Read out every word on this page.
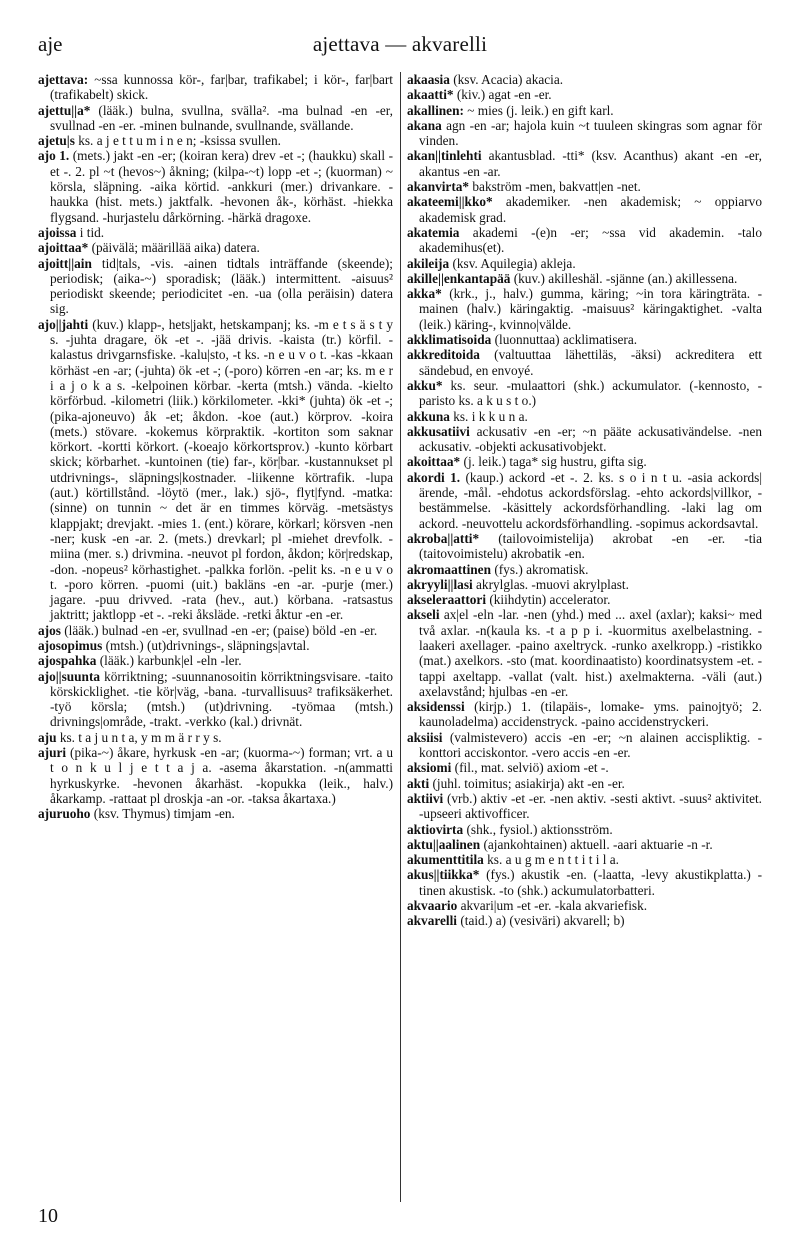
aje	ajettava — akvarelli

ajettava: ~ssa kunnossa kör-, far|bar, trafikabel; i kör-, far|bart (trafikabelt) skick.

ajettu||a* (lääk.) bulna, svullna, svälla². -ma bulnad -en -er, svullnad -en -er. -minen bulnande, svullnande, svällande.

ajetu|s ks. a j e t t u m i n e n; -ksissa svullen.

ajo 1. (mets.) jakt -en -er; (koiran kera) drev -et -; (haukku) skall -et -. 2. pl ~t (hevos~) åkning; (kilpa-~t) lopp -et -; (kuorman) ~ körsla, släpning. -aika körtid. -ankkuri (mer.) drivankare. -haukka (hist. mets.) jaktfalk. -hevonen åk-, körhäst. -hiekka flygsand. -hurjastelu dårkörning. -härkä dragoxe.

ajoissa i tid.

ajoittaa* (päivälä; määrillää aika) datera.

ajoitt||ain tid|tals, -vis. -ainen tidtals inträffande (skeende); periodisk; (aika-~) sporadisk; (lääk.) intermittent. -aisuus² periodiskt skeende; periodicitet -en. -ua (olla peräisin) datera sig.

ajo||jahti (kuv.) klapp-, hets|jakt, hetskampanj; ks. -m e t s ä s t y s. -juhta dragare, ök -et -. -jää drivis. -kaista (tr.) körfil. -kalastus drivgarnsfiske. -kalu|sto, -t ks. -n e u v o t. -kas -kkaan körhäst -en -ar; (-juhta) ök -et -; (-poro) körren -en -ar; ks. m e r i a j o k a s. -kelpoinen körbar. -kerta (mtsh.) vända. -kielto körförbud. -kilometri (liik.) körkilometer. -kki* (juhta) ök -et -; (pika-ajoneuvo) åk -et; åkdon. -koe (aut.) körprov. -koira (mets.) stövare. -kokemus körpraktik. -kortiton som saknar körkort. -kortti körkort. (-koeajo körkortsprov.) -kunto körbart skick; körbarhet. -kuntoinen (tie) far-, kör|bar. -kustannukset pl utdrivnings-, släpnings|kostnader. -liikenne körtrafik. -lupa (aut.) körtillstånd. -löytö (mer., lak.) sjö-, flyt|fynd. -matka: (sinne) on tunnin ~ det är en timmes körväg. -metsästys klappjakt; drevjakt. -mies 1. (ent.) körare, körkarl; körsven -nen -ner; kusk -en -ar. 2. (mets.) drevkarl; pl -miehet drevfolk. -miina (mer. s.) drivmina. -neuvot pl fordon, åkdon; kör|redskap, -don. -nopeus² körhastighet. -palkka forlön. -pelit ks. -n e u v o t. -poro körren. -puomi (uit.) bakläns -en -ar. -purje (mer.) jagare. -puu drivved. -rata (hev., aut.) körbana. -ratsastus jaktritt; jaktlopp -et -. -reki åksläde. -retki åktur -en -er.

ajos (lääk.) bulnad -en -er, svullnad -en -er; (paise) böld -en -er.

ajosopimus (mtsh.) (ut)drivnings-, släpnings|avtal.

ajospahka (lääk.) karbunk|el -eln -ler.

ajo||suunta körriktning; -suunnanosoitin körriktningsvisare. -taito körskicklighet. -tie kör|väg, -bana. -turvallisuus² trafiksäkerhet. -työ körsla; (mtsh.) (ut)drivning. -työmaa (mtsh.) drivnings|område, -trakt. -verkko (kal.) drivnät.

aju ks. t a j u n t a, y m m ä r r y s.

ajuri (pika-~) åkare, hyrkusk -en -ar; (kuorma-~) forman; vrt. a u t o n k u l j e t t a j a. -asema åkarstation. -n(ammatti hyrkuskyrke. -hevonen åkarhäst. -kopukka (leik., halv.) åkarkamp. -rattaat pl droskja -an -or. -taksa åkartaxa.)

ajuruoho (ksv. Thymus) timjam -en.

akaasia (ksv. Acacia) akacia.

akaatti* (kiv.) agat -en -er.

akallinen: ~ mies (j. leik.) en gift karl.

akana agn -en -ar; hajola kuin ~t tuuleen skingras som agnar för vinden.

akan||tinlehti akantusblad. -tti* (ksv. Acanthus) akant -en -er, akantus -en -ar.

akanvirta* bakström -men, bakvatt|en -net.

akateemi||kko* akademiker. -nen akademisk; ~ oppiarvo akademisk grad.

akatemia akademi -(e)n -er; ~ssa vid akademin. -talo akademihus(et).

akileija (ksv. Aquilegia) akleja.

akille||enkantapää (kuv.) akilleshäl. -sjänne (an.) akillessena.

akka* (krk., j., halv.) gumma, käring; ~in tora käringträta. -mainen (halv.) käringaktig. -maisuus² käringaktighet. -valta (leik.) käring-, kvinno|välde.

akklimatisoida (luonnuttaa) acklimatisera.

akkreditoida (valtuuttaa lähettiläs, -äksi) ackreditera ett sändebud, en envoyé.

akku* ks. seur. -mulaattori (shk.) ackumulator. (-kennosto, -paristo ks. a k u s t o.)

akkuna ks. i k k u n a.

akkusatiivi ackusativ -en -er; ~n pääte ackusativändelse. -nen ackusativ. -objekti ackusativobjekt.

akoittaa* (j. leik.) taga* sig hustru, gifta sig.

akordi 1. (kaup.) ackord -et -. 2. ks. s o i n t u. -asia ackords|ärende, -mål. -ehdotus ackordsförslag. -ehto ackords|villkor, -bestämmelse. -käsittely ackordsförhandling. -laki lag om ackord. -neuvottelu ackordsförhandling. -sopimus ackordsavtal.

akroba||atti* (tailovoimistelija) akrobat -en -er. -tia (taitovoimistelu) akrobatik -en.

akromaattinen (fys.) akromatisk.

akryyli||lasi akrylglas. -muovi akrylplast.

akseleraattori (kiihdytin) accelerator.

akseli ax|el -eln -lar. -nen (yhd.) med ... axel (axlar); kaksi~ med två axlar. -n(kaula ks. -t a p p i. -kuormitus axelbelastning. -laakeri axellager. -paino axeltryck. -runko axelkropp.) -ristikko (mat.) axelkors. -sto (mat. koordinaatisto) koordinatsystem -et. -tappi axeltapp. -vallat (valt. hist.) axelmakterna. -väli (aut.) axelavstånd; hjulbas -en -er.

aksidenssi (kirjp.) 1. (tilapäis-, lomake- yms. painojtyö; 2. kaunoladelma) accidenstryck. -paino accidenstryckeri.

aksiisi (valmistevero) accis -en -er; ~n alainen accispliktig. -konttori acciskontor. -vero accis -en -er.

aksiomi (fil., mat. selviö) axiom -et -.

akti (juhl. toimitus; asiakirja) akt -en -er.

aktiivi (vrb.) aktiv -et -er. -nen aktiv. -sesti aktivt. -suus² aktivitet. -upseeri aktivofficer.

aktiovirta (shk., fysiol.) aktionsström.

aktu||aalinen (ajankohtainen) aktuell. -aari aktuarie -n -r.

akumenttitila ks. a u g m e n t t i t i l a.

akus||tiikka* (fys.) akustik -en. (-laatta, -levy akustikplatta.) -tinen akustisk. -to (shk.) ackumulatorbatteri.

akvaario akvari|um -et -er. -kala akvariefisk.

akvarelli (taid.) a) (vesiväri) akvarell; b)

10
